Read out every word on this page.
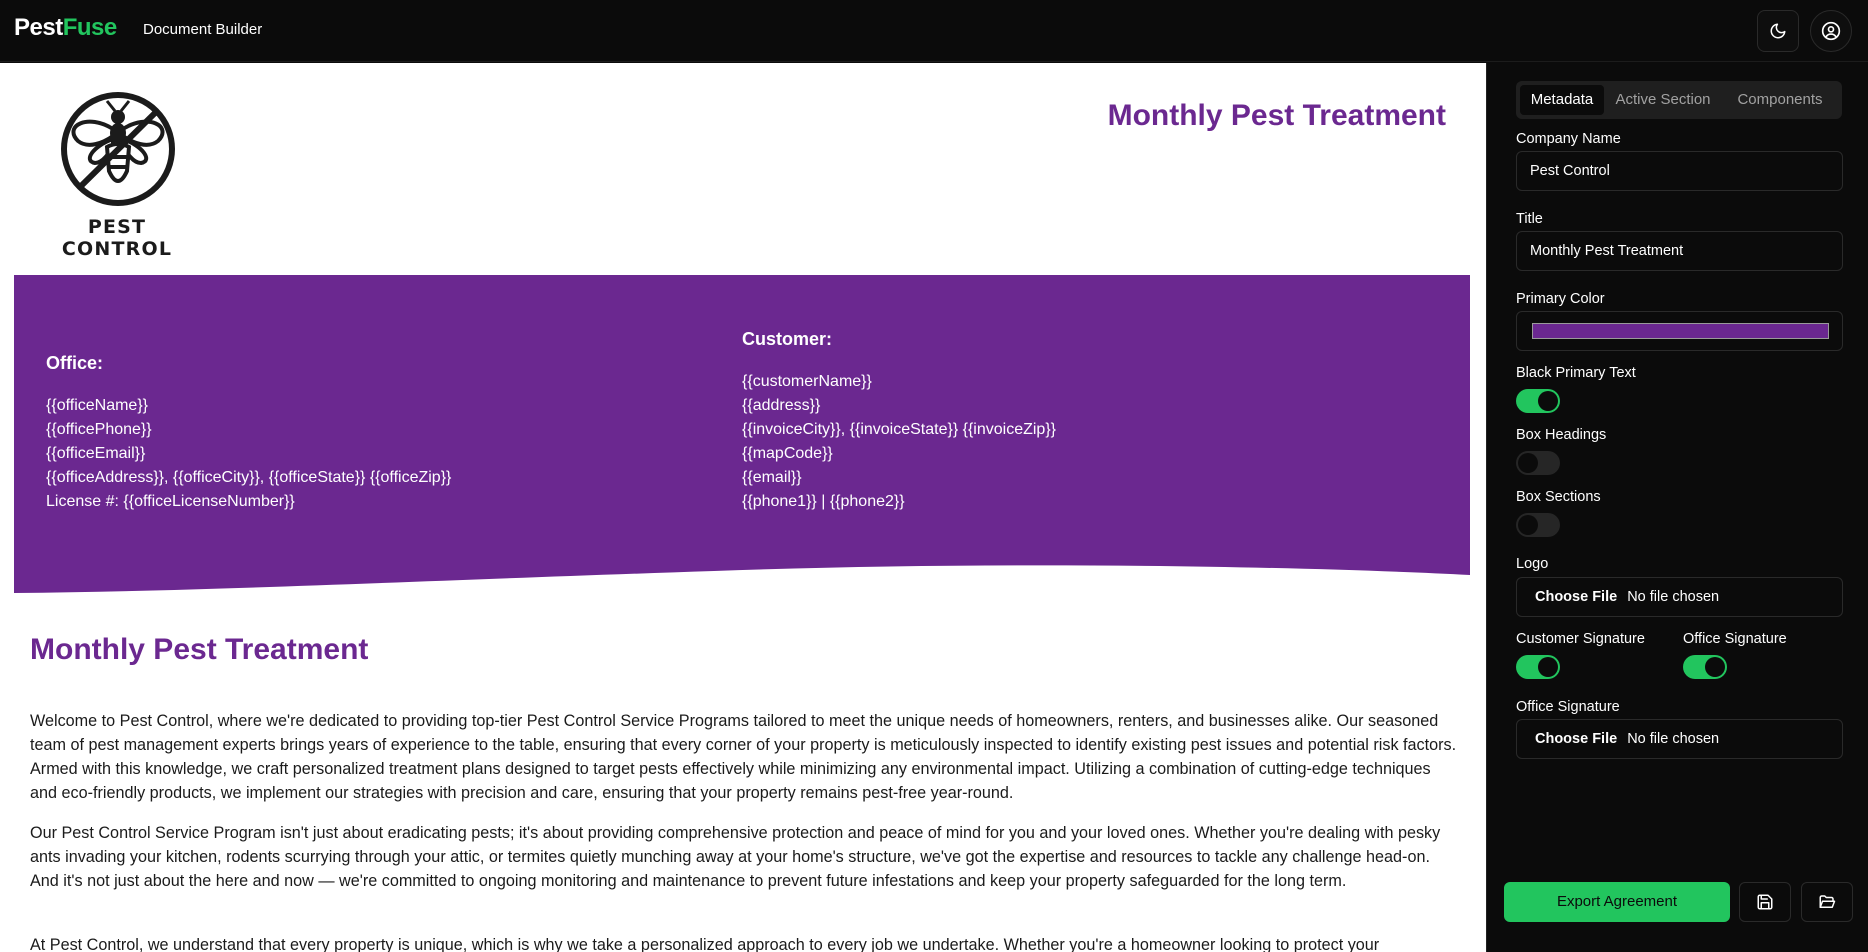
PestFuse Document Builder
PEST CONTROL
Monthly Pest Treatment
Office:
{{officeName}}
{{officePhone}}
{{officeEmail}}
{{officeAddress}}, {{officeCity}}, {{officeState}} {{officeZip}}
License #: {{officeLicenseNumber}}
Customer:
{{customerName}}
{{address}}
{{invoiceCity}}, {{invoiceState}} {{invoiceZip}}
{{mapCode}}
{{email}}
{{phone1}} | {{phone2}}
Monthly Pest Treatment
Welcome to Pest Control, where we're dedicated to providing top-tier Pest Control Service Programs tailored to meet the unique needs of homeowners, renters, and businesses alike. Our seasoned team of pest management experts brings years of experience to the table, ensuring that every corner of your property is meticulously inspected to identify existing pest issues and potential risk factors. Armed with this knowledge, we craft personalized treatment plans designed to target pests effectively while minimizing any environmental impact. Utilizing a combination of cutting-edge techniques and eco-friendly products, we implement our strategies with precision and care, ensuring that your property remains pest-free year-round.
Our Pest Control Service Program isn't just about eradicating pests; it's about providing comprehensive protection and peace of mind for you and your loved ones. Whether you're dealing with pesky ants invading your kitchen, rodents scurrying through your attic, or termites quietly munching away at your home's structure, we've got the expertise and resources to tackle any challenge head-on. And it's not just about the here and now — we're committed to ongoing monitoring and maintenance to prevent future infestations and keep your property safeguarded for the long term.
At Pest Control, we understand that every property is unique, which is why we take a personalized approach to every job we undertake. Whether you're a homeowner looking to protect your
Metadata	Active Section	Components
Company Name
Pest Control
Title
Monthly Pest Treatment
Primary Color
Black Primary Text
Box Headings
Box Sections
Logo
Choose File No file chosen
Customer Signature	Office Signature
Office Signature
Choose File No file chosen
Export Agreement
